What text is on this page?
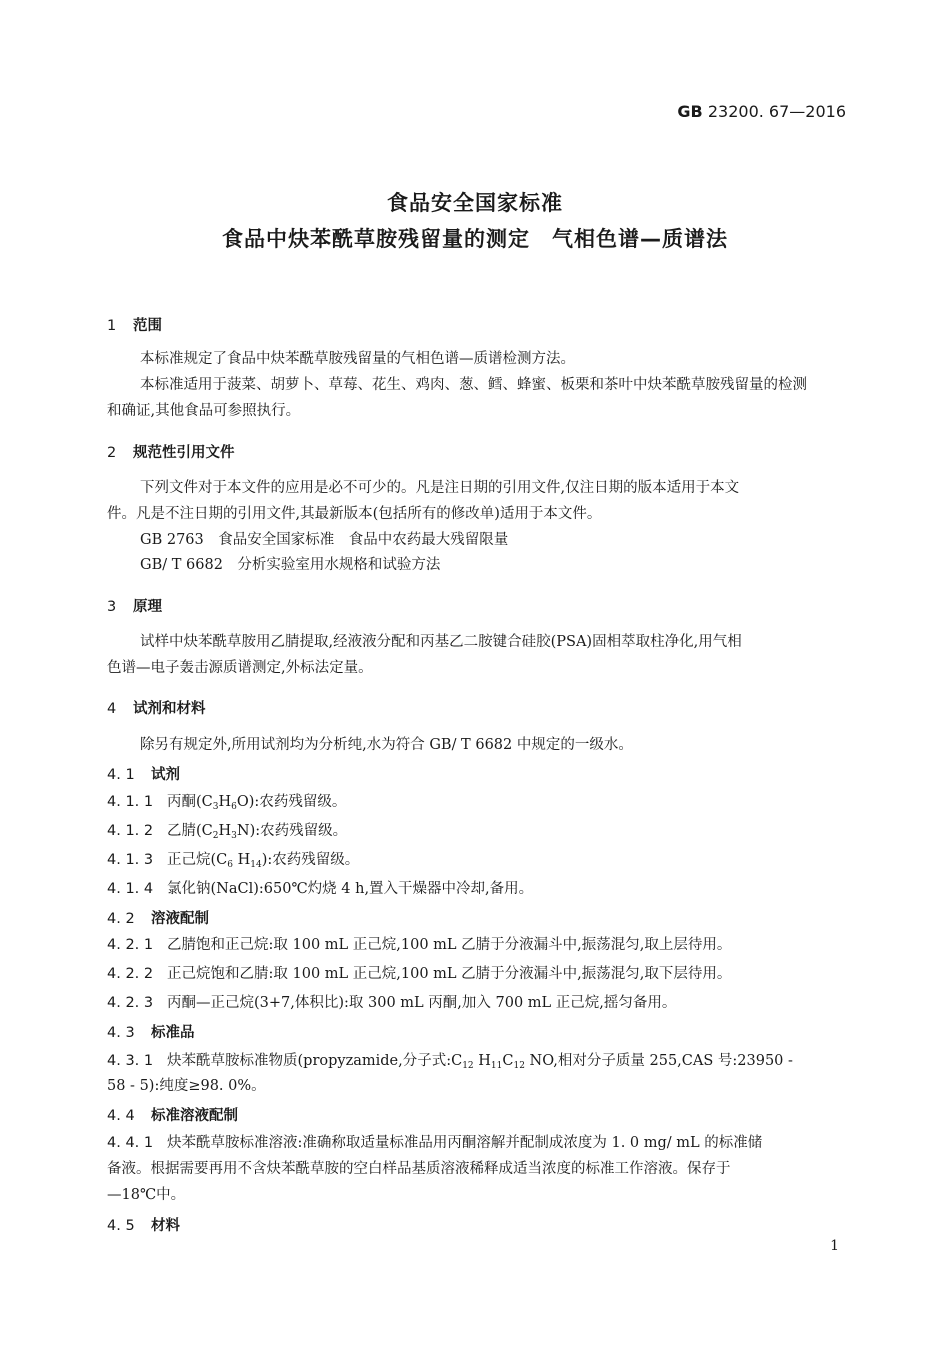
GB 23200. 67—2016
食品安全国家标准
食品中炔苯酰草胺残留量的测定　气相色谱—质谱法
1 范围
本标准规定了食品中炔苯酰草胺残留量的气相色谱—质谱检测方法。
本标准适用于菠菜、胡萝卜、草莓、花生、鸡肉、葱、鳕、蜂蜜、板栗和茶叶中炔苯酰草胺残留量的检测
和确证,其他食品可参照执行。
2 规范性引用文件
下列文件对于本文件的应用是必不可少的。凡是注日期的引用文件,仅注日期的版本适用于本文
件。凡是不注日期的引用文件,其最新版本(包括所有的修改单)适用于本文件。
GB 2763　食品安全国家标准　食品中农药最大残留限量
GB/ T 6682　分析实验室用水规格和试验方法
3 原理
试样中炔苯酰草胺用乙腈提取,经液液分配和丙基乙二胺键合硅胶(PSA)固相萃取柱净化,用气相
色谱—电子轰击源质谱测定,外标法定量。
4 试剂和材料
除另有规定外,所用试剂均为分析纯,水为符合 GB/ T 6682 中规定的一级水。
4. 1 试剂
4. 1. 1 丙酮$(C_3H_6O)$:农药残留级。
4. 1. 2 乙腈$(C_2H_3N)$:农药残留级。
4. 1. 3 正己烷($C_6$ $H_{14}$):农药残留级。
4. 1. 4 氯化钠(NaCl):650℃灼烧 4 h,置入干燥器中冷却,备用。
4. 2 溶液配制
4. 2. 1 乙腈饱和正己烷:取 100 mL 正己烷,100 mL 乙腈于分液漏斗中,振荡混匀,取上层待用。
4. 2. 2 正己烷饱和乙腈:取 100 mL 正己烷,100 mL 乙腈于分液漏斗中,振荡混匀,取下层待用。
4. 2. 3 丙酮—正己烷(3+7,体积比):取 300 mL 丙酮,加入 700 mL 正己烷,摇匀备用。
4. 3 标准品
4. 3. 1 炔苯酰草胺标准物质(propyzamide,分子式$:C_{12}$ $H_{11}C_{12}$ NO,相对分子质量 255,CAS 号:23950 -
58 - 5):纯度≥98. 0%。
4. 4 标准溶液配制
4. 4. 1 炔苯酰草胺标准溶液:准确称取适量标准品用丙酮溶解并配制成浓度为 1. 0 mg/ mL 的标准储
备液。根据需要再用不含炔苯酰草胺的空白样品基质溶液稀释成适当浓度的标准工作溶液。保存于
—18℃中。
4. 5 材料
1
